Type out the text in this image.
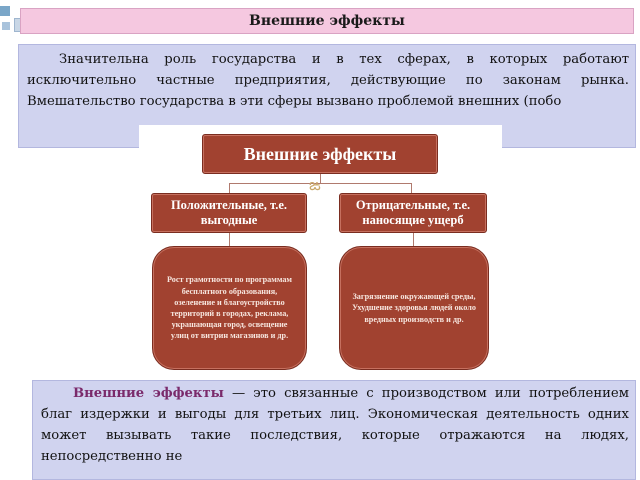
Внешние эффекты
Значительна роль государства и в тех сферах, в которых работают исключительно частные предприятия, действующие по законам рынка. Вмешательство государства в эти сферы вызвано проблемой внешних (побо
ఙ
Внешние эффекты
Положительные, т.е. выгодные
Отрицательные, т.е. наносящие ущерб
Рост грамотности по программам бесплатного образования, озеленение и благоустройство территорий в городах, реклама, украшающая город, освещение улиц от витрин магазинов и др.
Загрязнение окружающей среды, Ухудшение здоровья людей около вредных производств и др.
Внешние эффекты — это связанные с производством или потреблением благ издержки и выгоды для третьих лиц. Экономическая деятельность одних может вызывать такие последствия, которые отражаются на людях, непосредственно не
